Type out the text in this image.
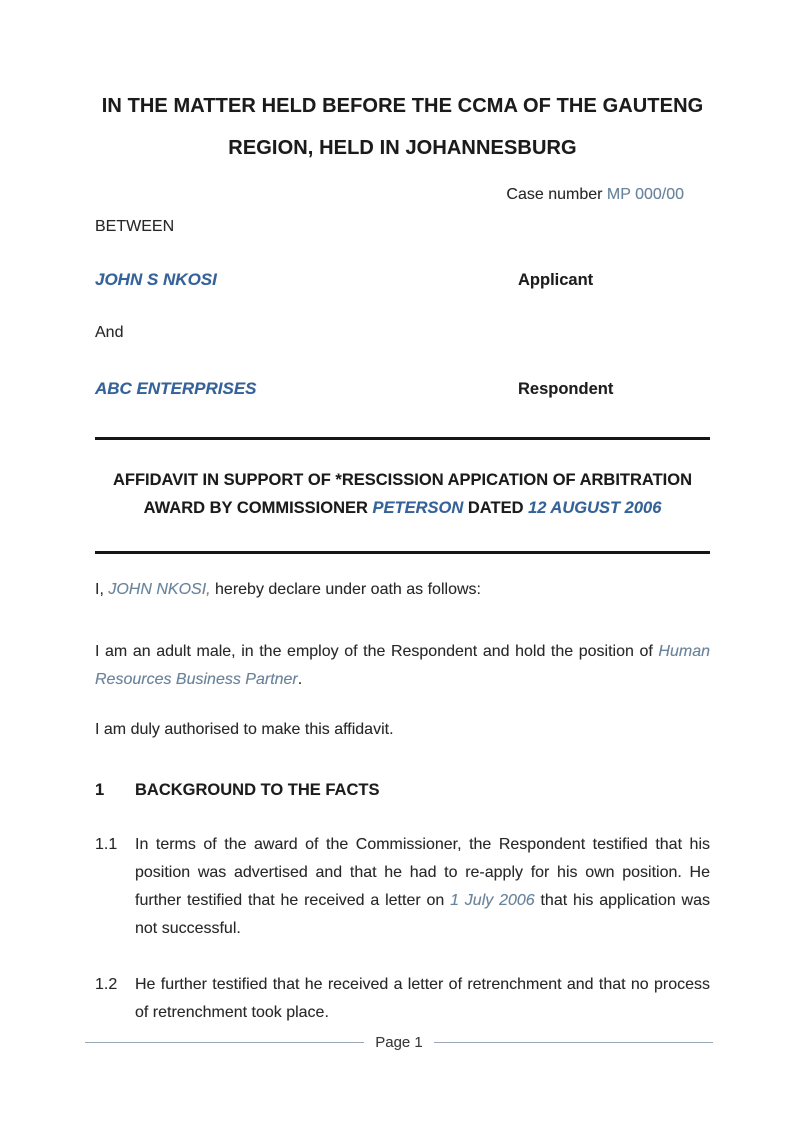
IN THE MATTER HELD BEFORE THE CCMA OF THE GAUTENG
REGION, HELD IN JOHANNESBURG
Case number MP 000/00
BETWEEN
JOHN S NKOSI	Applicant
And
ABC ENTERPRISES	Respondent
AFFIDAVIT IN SUPPORT OF *RESCISSION APPICATION OF ARBITRATION AWARD BY COMMISSIONER PETERSON DATED 12 AUGUST 2006

I, JOHN NKOSI, hereby declare under oath as follows:

I am an adult male, in the employ of the Respondent and hold the position of Human Resources Business Partner.

I am duly authorised to make this affidavit.

1 BACKGROUND TO THE FACTS
1.1 In terms of the award of the Commissioner, the Respondent testified that his position was advertised and that he had to re-apply for his own position. He further testified that he received a letter on 1 July 2006 that his application was not successful.

1.2 He further testified that he received a letter of retrenchment and that no process of retrenchment took place.

Page 1
